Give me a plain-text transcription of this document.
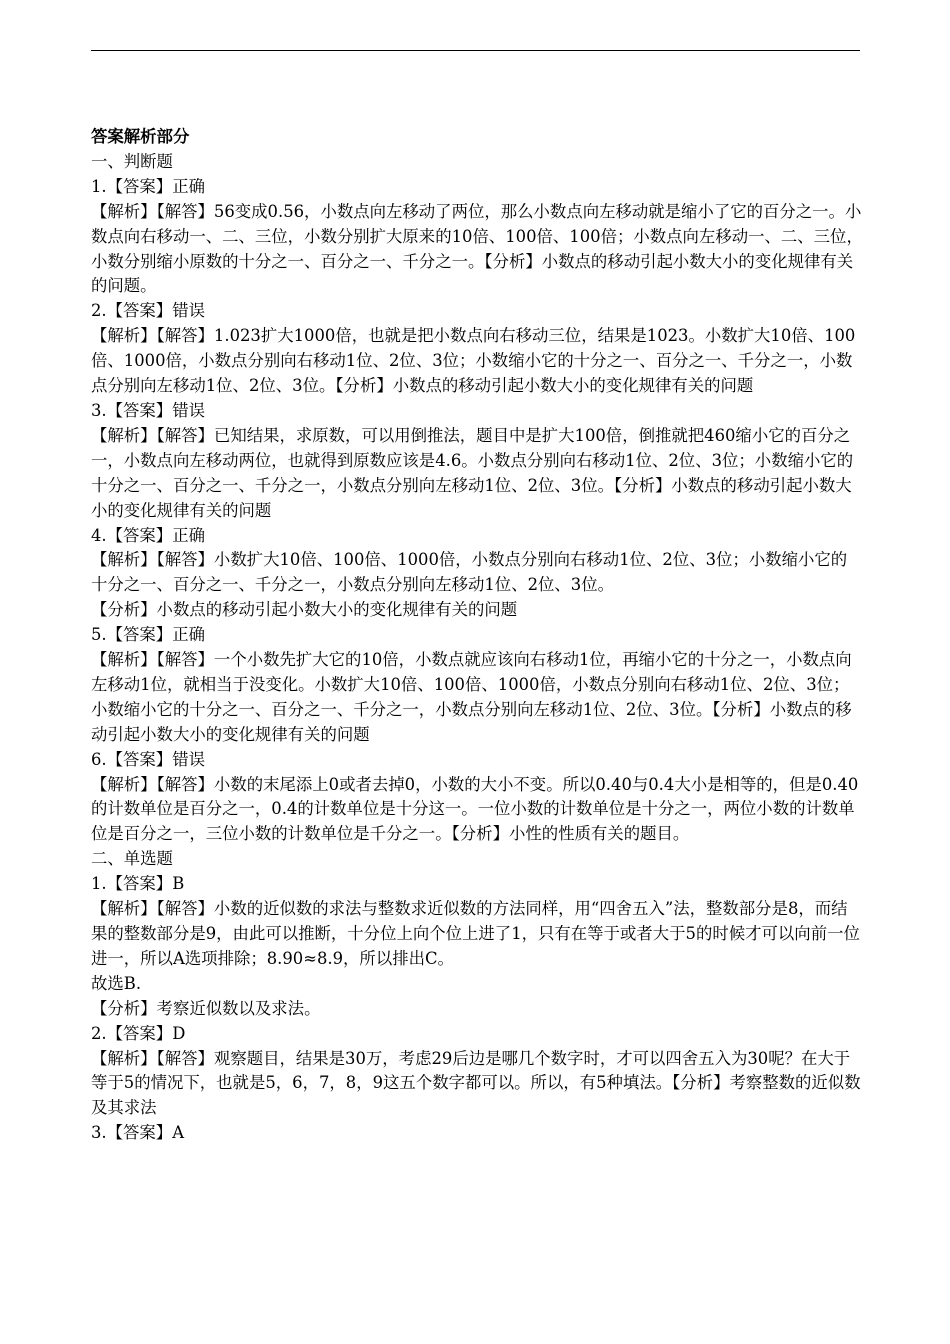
答案解析部分

一、判断题

1.【答案】正确

【解析】【解答】56变成0.56，小数点向左移动了两位，那么小数点向左移动就是缩小了它的百分之一。小数点向右移动一、二、三位，小数分别扩大原来的10倍、100倍、100倍；小数点向左移动一、二、三位，小数分别缩小原数的十分之一、百分之一、千分之一。【分析】小数点的移动引起小数大小的变化规律有关的问题。

2.【答案】错误

【解析】【解答】1.023扩大1000倍，也就是把小数点向右移动三位，结果是1023。小数扩大10倍、100倍、1000倍，小数点分别向右移动1位、2位、3位；小数缩小它的十分之一、百分之一、千分之一，小数点分别向左移动1位、2位、3位。【分析】小数点的移动引起小数大小的变化规律有关的问题

3.【答案】错误

【解析】【解答】已知结果，求原数，可以用倒推法，题目中是扩大100倍，倒推就把460缩小它的百分之一，小数点向左移动两位，也就得到原数应该是4.6。小数点分别向右移动1位、2位、3位；小数缩小它的十分之一、百分之一、千分之一，小数点分别向左移动1位、2位、3位。【分析】小数点的移动引起小数大小的变化规律有关的问题

4.【答案】正确

【解析】【解答】小数扩大10倍、100倍、1000倍，小数点分别向右移动1位、2位、3位；小数缩小它的十分之一、百分之一、千分之一，小数点分别向左移动1位、2位、3位。

【分析】小数点的移动引起小数大小的变化规律有关的问题

5.【答案】正确

【解析】【解答】一个小数先扩大它的10倍，小数点就应该向右移动1位，再缩小它的十分之一，小数点向左移动1位，就相当于没变化。小数扩大10倍、100倍、1000倍，小数点分别向右移动1位、2位、3位；小数缩小它的十分之一、百分之一、千分之一，小数点分别向左移动1位、2位、3位。【分析】小数点的移动引起小数大小的变化规律有关的问题

6.【答案】错误

【解析】【解答】小数的末尾添上0或者去掉0，小数的大小不变。所以0.40与0.4大小是相等的，但是0.40的计数单位是百分之一，0.4的计数单位是十分这一。一位小数的计数单位是十分之一，两位小数的计数单位是百分之一，三位小数的计数单位是千分之一。【分析】小性的性质有关的题目。

二、单选题

1.【答案】B

【解析】【解答】小数的近似数的求法与整数求近似数的方法同样，用“四舍五入”法，整数部分是8，而结果的整数部分是9，由此可以推断，十分位上向个位上进了1，只有在等于或者大于5的时候才可以向前一位进一，所以A选项排除；8.90≈8.9，所以排出C。

故选B.

【分析】考察近似数以及求法。

2.【答案】D

【解析】【解答】观察题目，结果是30万，考虑29后边是哪几个数字时，才可以四舍五入为30呢？在大于等于5的情况下，也就是5，6，7，8，9这五个数字都可以。所以，有5种填法。【分析】考察整数的近似数及其求法

3.【答案】A
